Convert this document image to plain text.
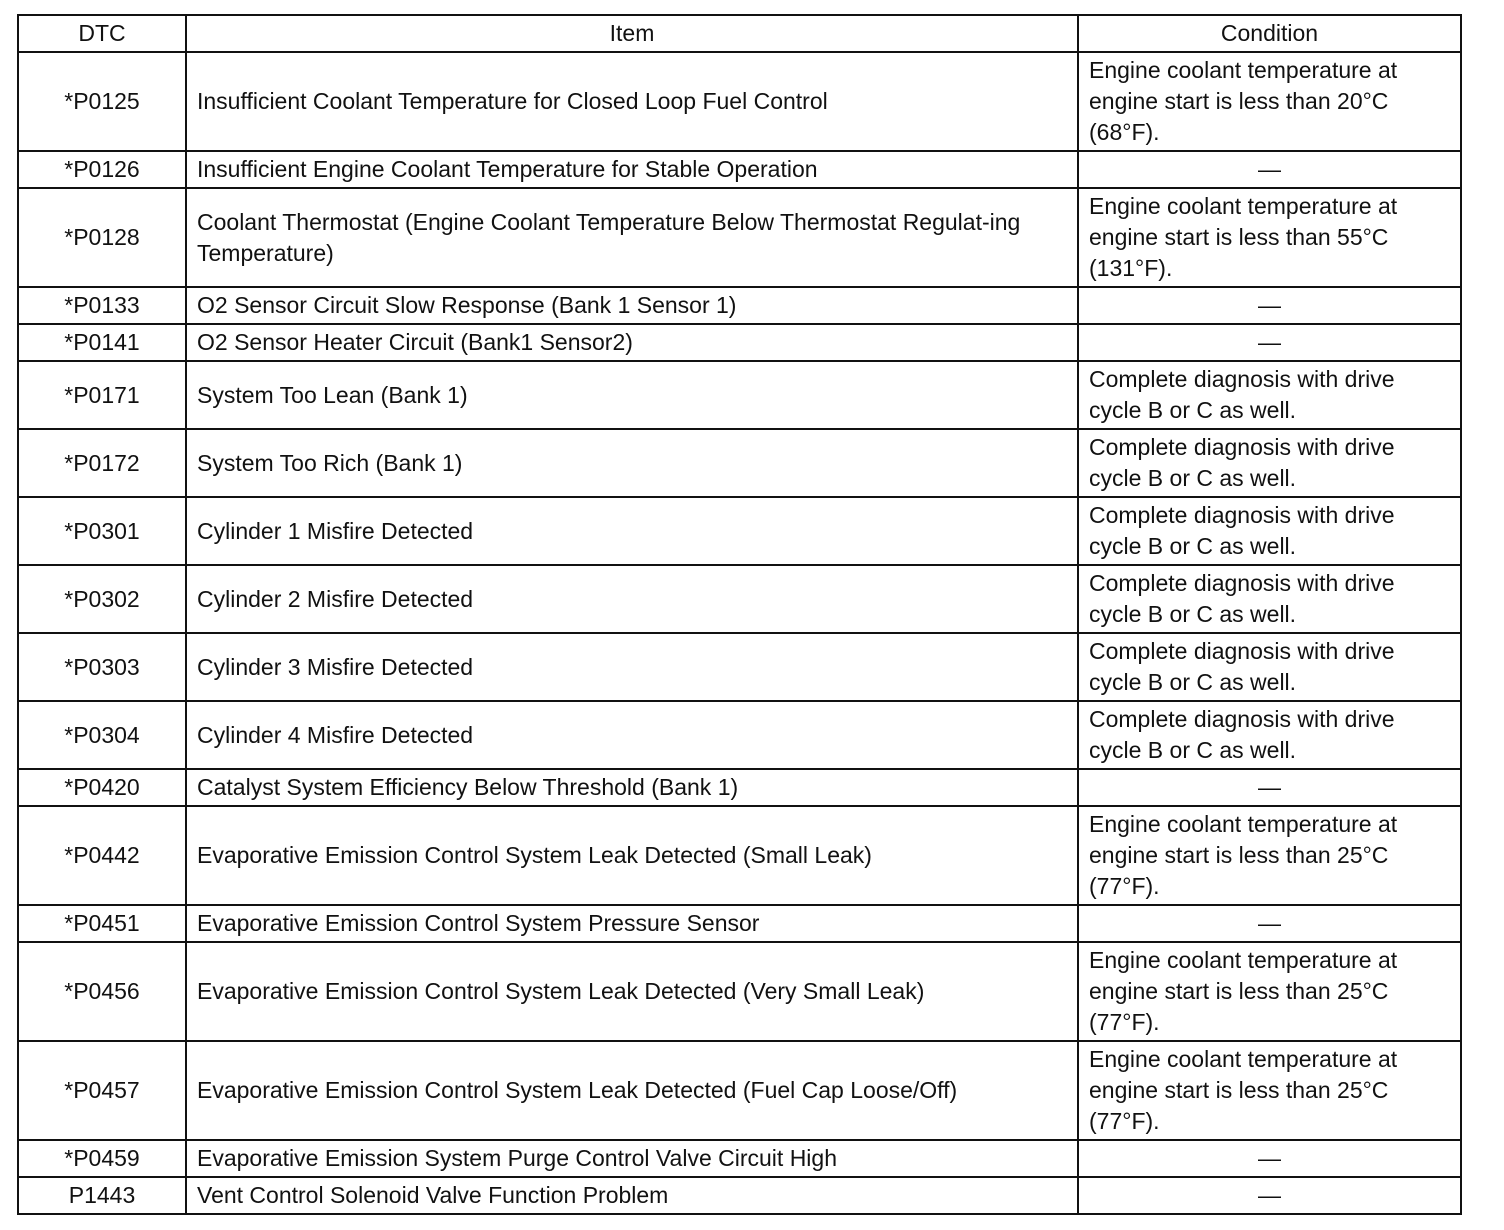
DTC	Item	Condition
*P0125	Insufficient Coolant Temperature for Closed Loop Fuel Control	Engine coolant temperature at engine start is less than 20°C (68°F).
*P0126	Insufficient Engine Coolant Temperature for Stable Operation	—
*P0128	Coolant Thermostat (Engine Coolant Temperature Below Thermostat Regulat-ing Temperature)	Engine coolant temperature at engine start is less than 55°C (131°F).
*P0133	O2 Sensor Circuit Slow Response (Bank 1 Sensor 1)	—
*P0141	O2 Sensor Heater Circuit (Bank1 Sensor2)	—
*P0171	System Too Lean (Bank 1)	Complete diagnosis with drive cycle B or C as well.
*P0172	System Too Rich (Bank 1)	Complete diagnosis with drive cycle B or C as well.
*P0301	Cylinder 1 Misfire Detected	Complete diagnosis with drive cycle B or C as well.
*P0302	Cylinder 2 Misfire Detected	Complete diagnosis with drive cycle B or C as well.
*P0303	Cylinder 3 Misfire Detected	Complete diagnosis with drive cycle B or C as well.
*P0304	Cylinder 4 Misfire Detected	Complete diagnosis with drive cycle B or C as well.
*P0420	Catalyst System Efficiency Below Threshold (Bank 1)	—
*P0442	Evaporative Emission Control System Leak Detected (Small Leak)	Engine coolant temperature at engine start is less than 25°C (77°F).
*P0451	Evaporative Emission Control System Pressure Sensor	—
*P0456	Evaporative Emission Control System Leak Detected (Very Small Leak)	Engine coolant temperature at engine start is less than 25°C (77°F).
*P0457	Evaporative Emission Control System Leak Detected (Fuel Cap Loose/Off)	Engine coolant temperature at engine start is less than 25°C (77°F).
*P0459	Evaporative Emission System Purge Control Valve Circuit High	—
P1443	Vent Control Solenoid Valve Function Problem	—
